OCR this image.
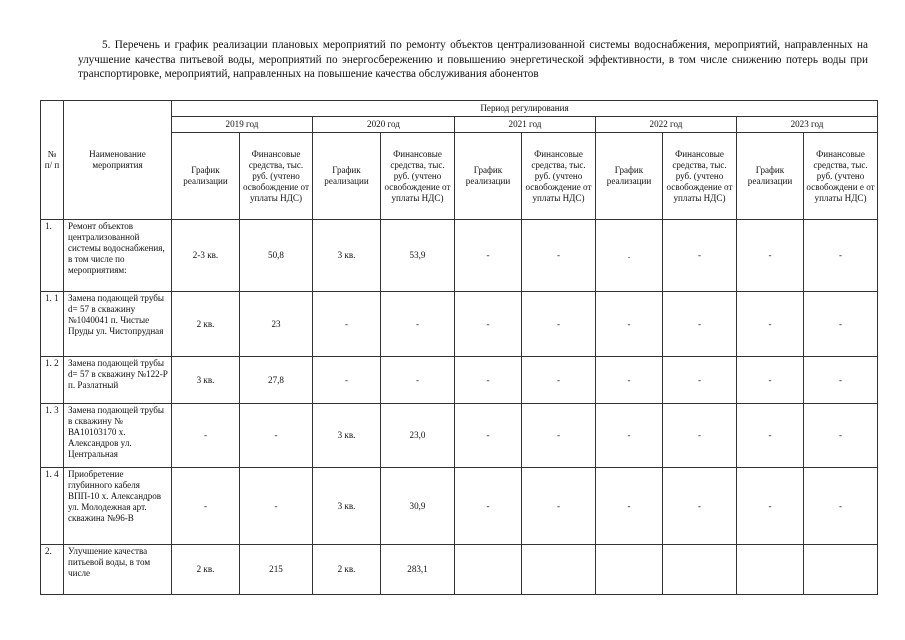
5. Перечень и график реализации плановых мероприятий по ремонту объектов централизованной системы водоснабжения, мероприятий, направленных на улучшение качества питьевой воды, мероприятий по энергосбережению и повышению энергетической эффективности, в том числе снижению потерь воды при транспортировке, мероприятий, направленных на повышение качества обслуживания абонентов
№ п/ п	Наименование мероприятия	Период регулирования									
		2019 год		2020 год		2021 год		2022 год		2023 год	
		График реализации	Финансовые средства, тыс. руб. (учтено освобождение от уплаты НДС)	График реализации	Финансовые средства, тыс. руб. (учтено освобождение от уплаты НДС)	График реализации	Финансовые средства, тыс. руб. (учтено освобождение от уплаты НДС)	График реализации	Финансовые средства, тыс. руб. (учтено освобождение от уплаты НДС)	График реализации	Финансовые средства, тыс. руб. (учтено освобождени е от уплаты НДС)
1.	Ремонт объектов централизованной системы водоснабжения, в том числе по мероприятиям:	2-3 кв.	50,8	3 кв.	53,9	-	-	.	-	-	-
1. 1	Замена подающей трубы d= 57 в скважину №1040041 п. Чистые Пруды ул. Чистопрудная	2 кв.	23	-	-	-	-	-	-	-	-
1. 2	Замена подающей трубы d= 57 в скважину №122-Р п. Разлатный	3 кв.	27,8	-	-	-	-	-	-	-	-
1. 3	Замена подающей трубы в скважину № ВА10103170 х. Александров ул. Центральная	-	-	3 кв.	23,0	-	-	-	-	-	-
1. 4	Приобретение глубинного кабеля ВПП-10 х. Александров ул. Молодежная арт. скважина №96-В	-	-	3 кв.	30,9	-	-	-	-	-	-
2.	Улучшение качества питьевой воды, в том числе	2 кв.	215	2 кв.	283,1						
